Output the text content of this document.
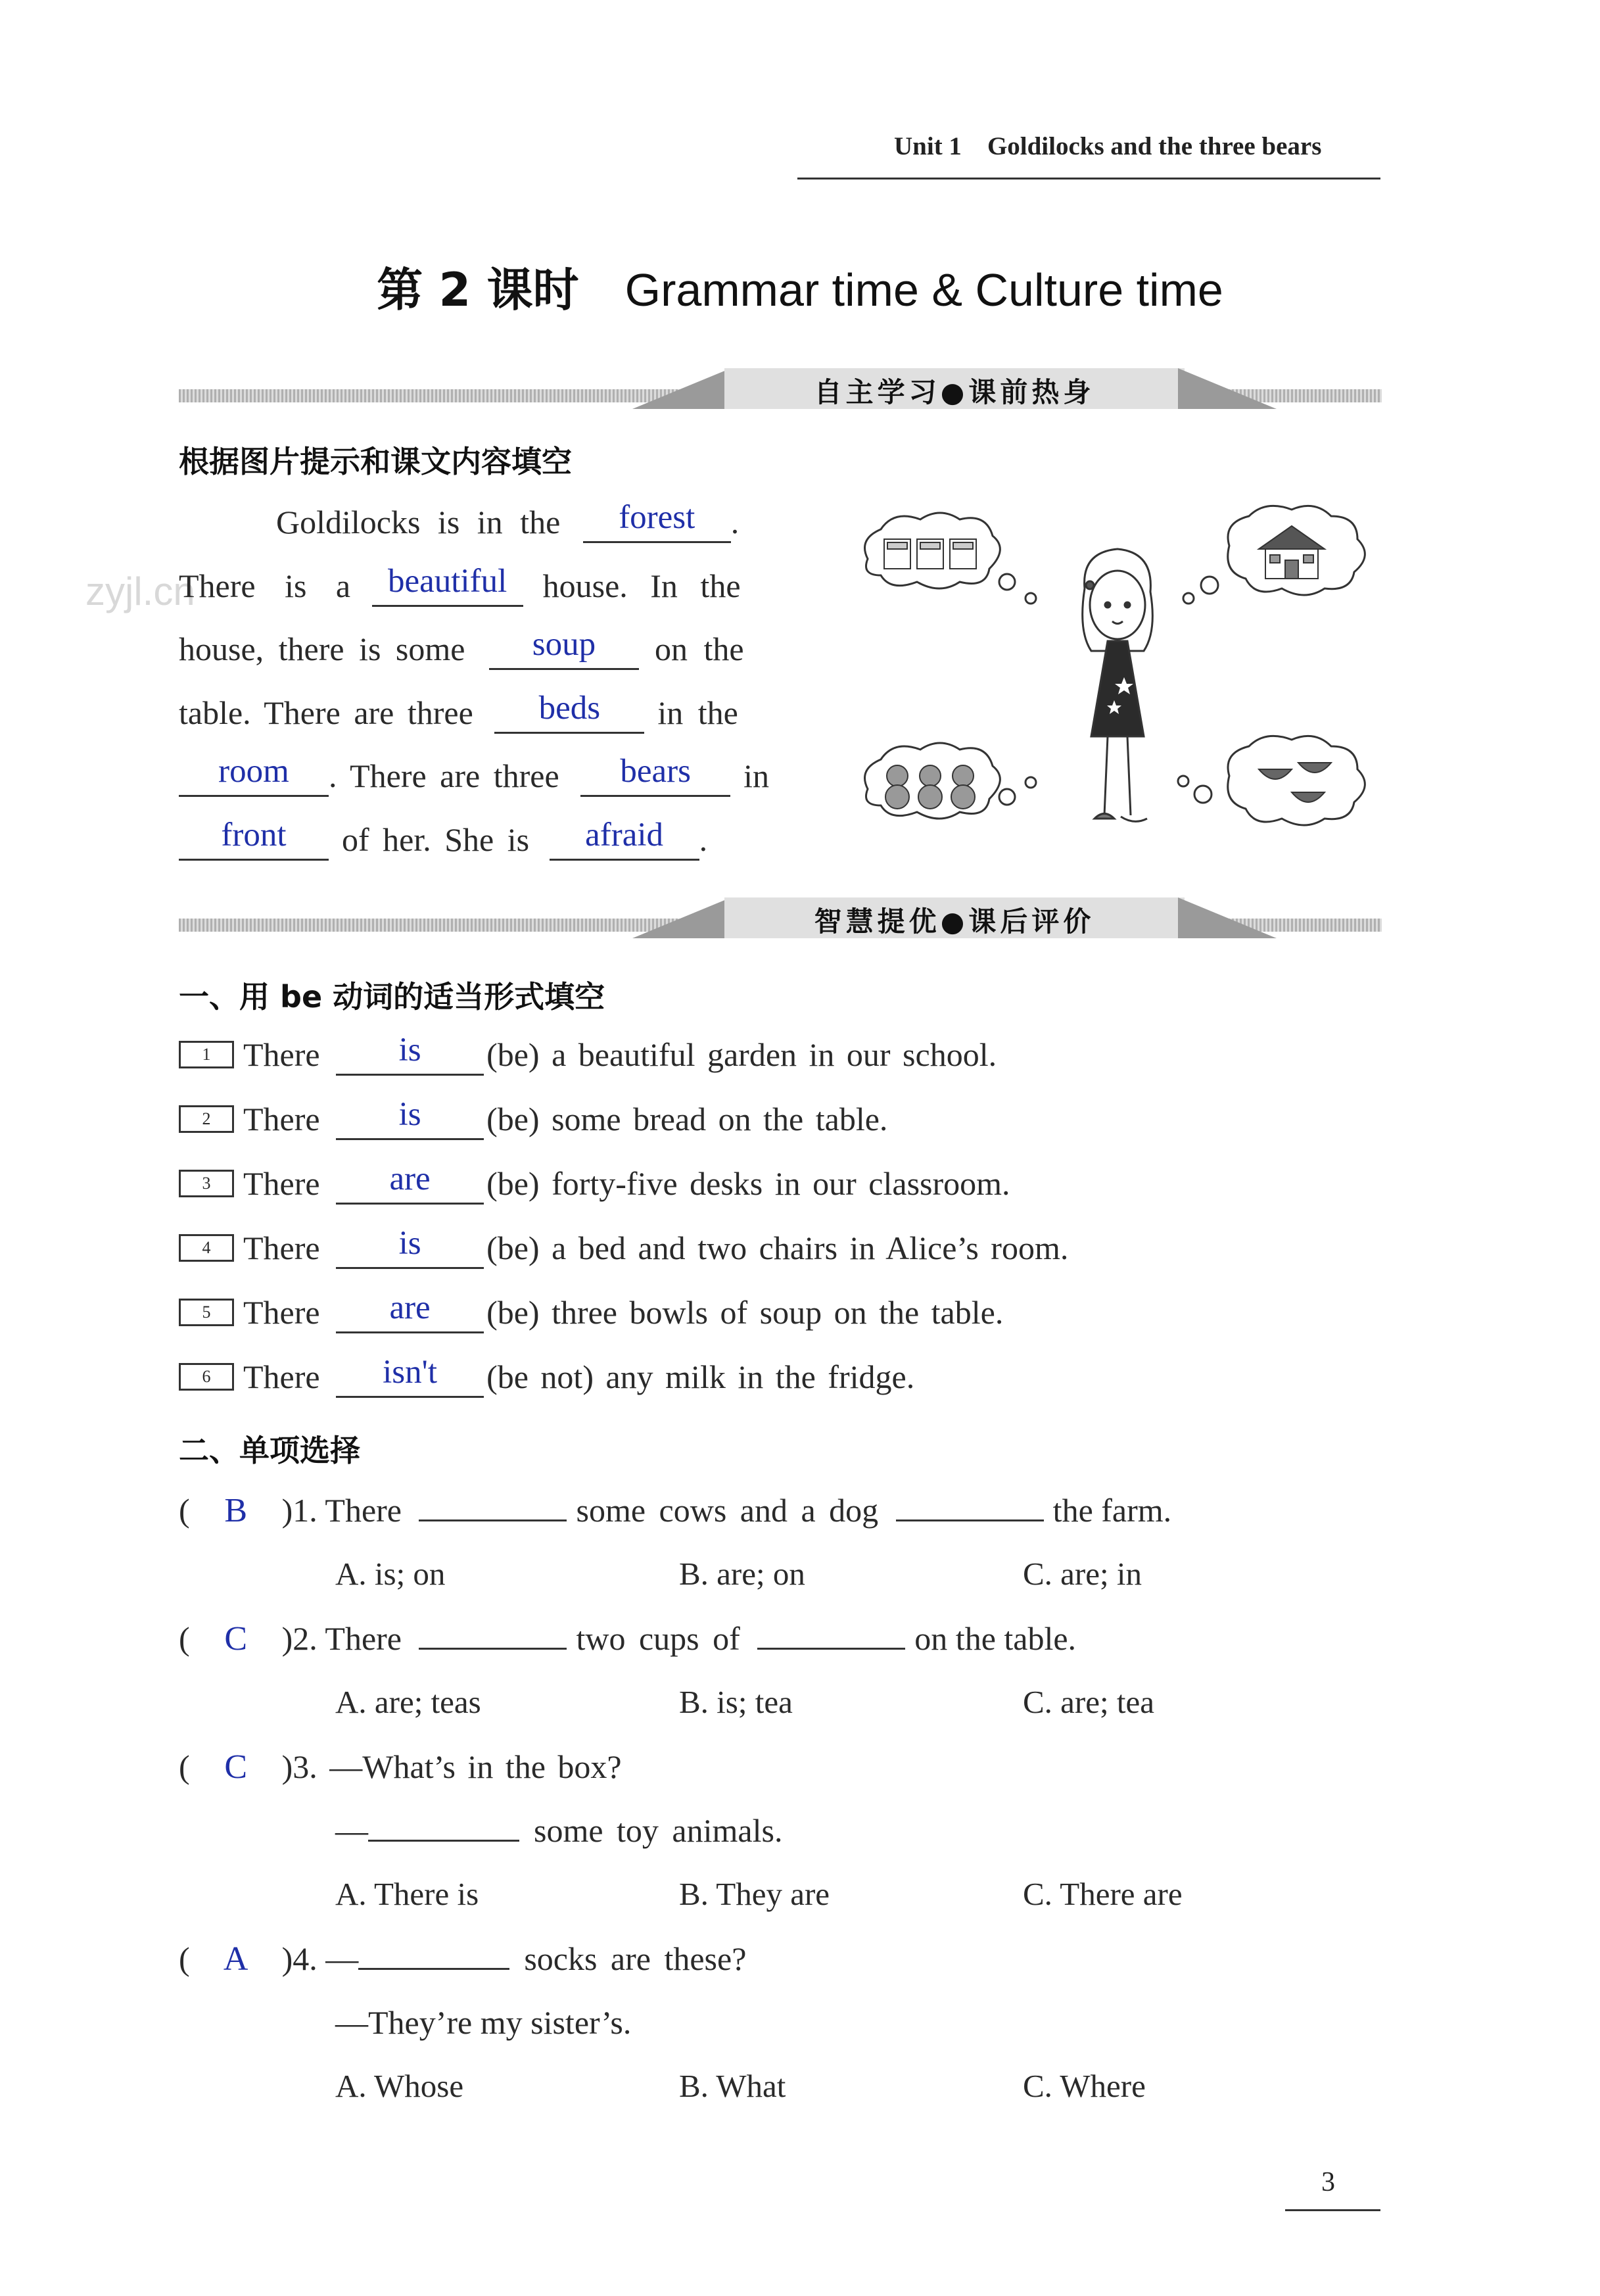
Unit 1 Goldilocks and the three bears
第 2 课时 Grammar time & Culture time
自主学习●课前热身
根据图片提示和课文内容填空
zyjl.cn
Goldilocks is in the forest .
There is a beautiful house. In the
house, there is some soup on the
table. There are three beds in the
room . There are three bears in
front of her. She is afraid .
智慧提优●课后评价
一、用 be 动词的适当形式填空
1 There is (be) a beautiful garden in our school.
2 There is (be) some bread on the table.
3 There are (be) forty-five desks in our classroom.
4 There is (be) a bed and two chairs in Alice’s room.
5 There are (be) three bowls of soup on the table.
6 There isn't (be not) any milk in the fridge.
二、单项选择
( B )1. There	some cows and a dog	the farm.
A. is; on	B. are; on	C. are; in
( C )2. There	two cups of	on the table.
A. are; teas	B. is; tea	C. are; tea
( C )3. —What’s in the box?
—	some toy animals.
A. There is	B. They are	C. There are
( A )4. —	socks are these?
—They’re my sister’s.
A. Whose	B. What	C. Where
3
